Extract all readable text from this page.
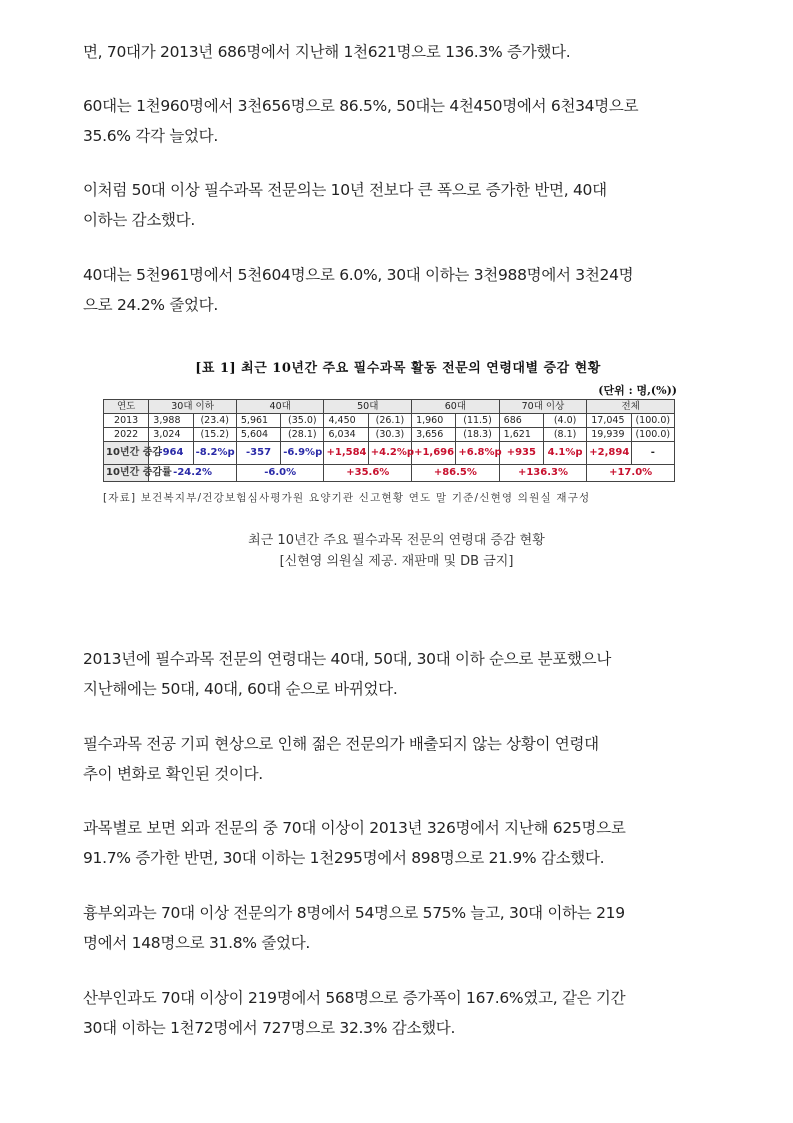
면, 70대가 2013년 686명에서 지난해 1천621명으로 136.3% 증가했다.

60대는 1천960명에서 3천656명으로 86.5%, 50대는 4천450명에서 6천34명으로
35.6% 각각 늘었다.

이처럼 50대 이상 필수과목 전문의는 10년 전보다 큰 폭으로 증가한 반면, 40대
이하는 감소했다.

40대는 5천961명에서 5천604명으로 6.0%, 30대 이하는 3천988명에서 3천24명
으로 24.2% 줄었다.

2013년에 필수과목 전문의 연령대는 40대, 50대, 30대 이하 순으로 분포했으나
지난해에는 50대, 40대, 60대 순으로 바뀌었다.

필수과목 전공 기피 현상으로 인해 젊은 전문의가 배출되지 않는 상황이 연령대
추이 변화로 확인된 것이다.

과목별로 보면 외과 전문의 중 70대 이상이 2013년 326명에서 지난해 625명으로
91.7% 증가한 반면, 30대 이하는 1천295명에서 898명으로 21.9% 감소했다.

흉부외과는 70대 이상 전문의가 8명에서 54명으로 575% 늘고, 30대 이하는 219
명에서 148명으로 31.8% 줄었다.

산부인과도 70대 이상이 219명에서 568명으로 증가폭이 167.6%였고, 같은 기간
30대 이하는 1천72명에서 727명으로 32.3% 감소했다.

[표 1] 최근 10년간 주요 필수과목 활동 전문의 연령대별 증감 현황
(단위 : 명,(%))
연도	30대 이하		40대		50대		60대		70대 이상		전체	
2013	3,988	(23.4)	5,961	(35.0)	4,450	(26.1)	1,960	(11.5)	686	(4.0)	17,045	(100.0)
2022	3,024	(15.2)	5,604	(28.1)	6,034	(30.3)	3,656	(18.3)	1,621	(8.1)	19,939	(100.0)
10년간 증감	-964	-8.2%p	-357	-6.9%p	+1,584	+4.2%p	+1,696	+6.8%p	+935	4.1%p	+2,894	-
10년간 증감률	-24.2%		-6.0%		+35.6%		+86.5%		+136.3%		+17.0%	
[자료] 보건복지부/건강보험심사평가원 요양기관 신고현황 연도 말 기준/신현영 의원실 재구성
최근 10년간 주요 필수과목 전문의 연령대 증감 현황
[신현영 의원실 제공. 재판매 및 DB 금지]
